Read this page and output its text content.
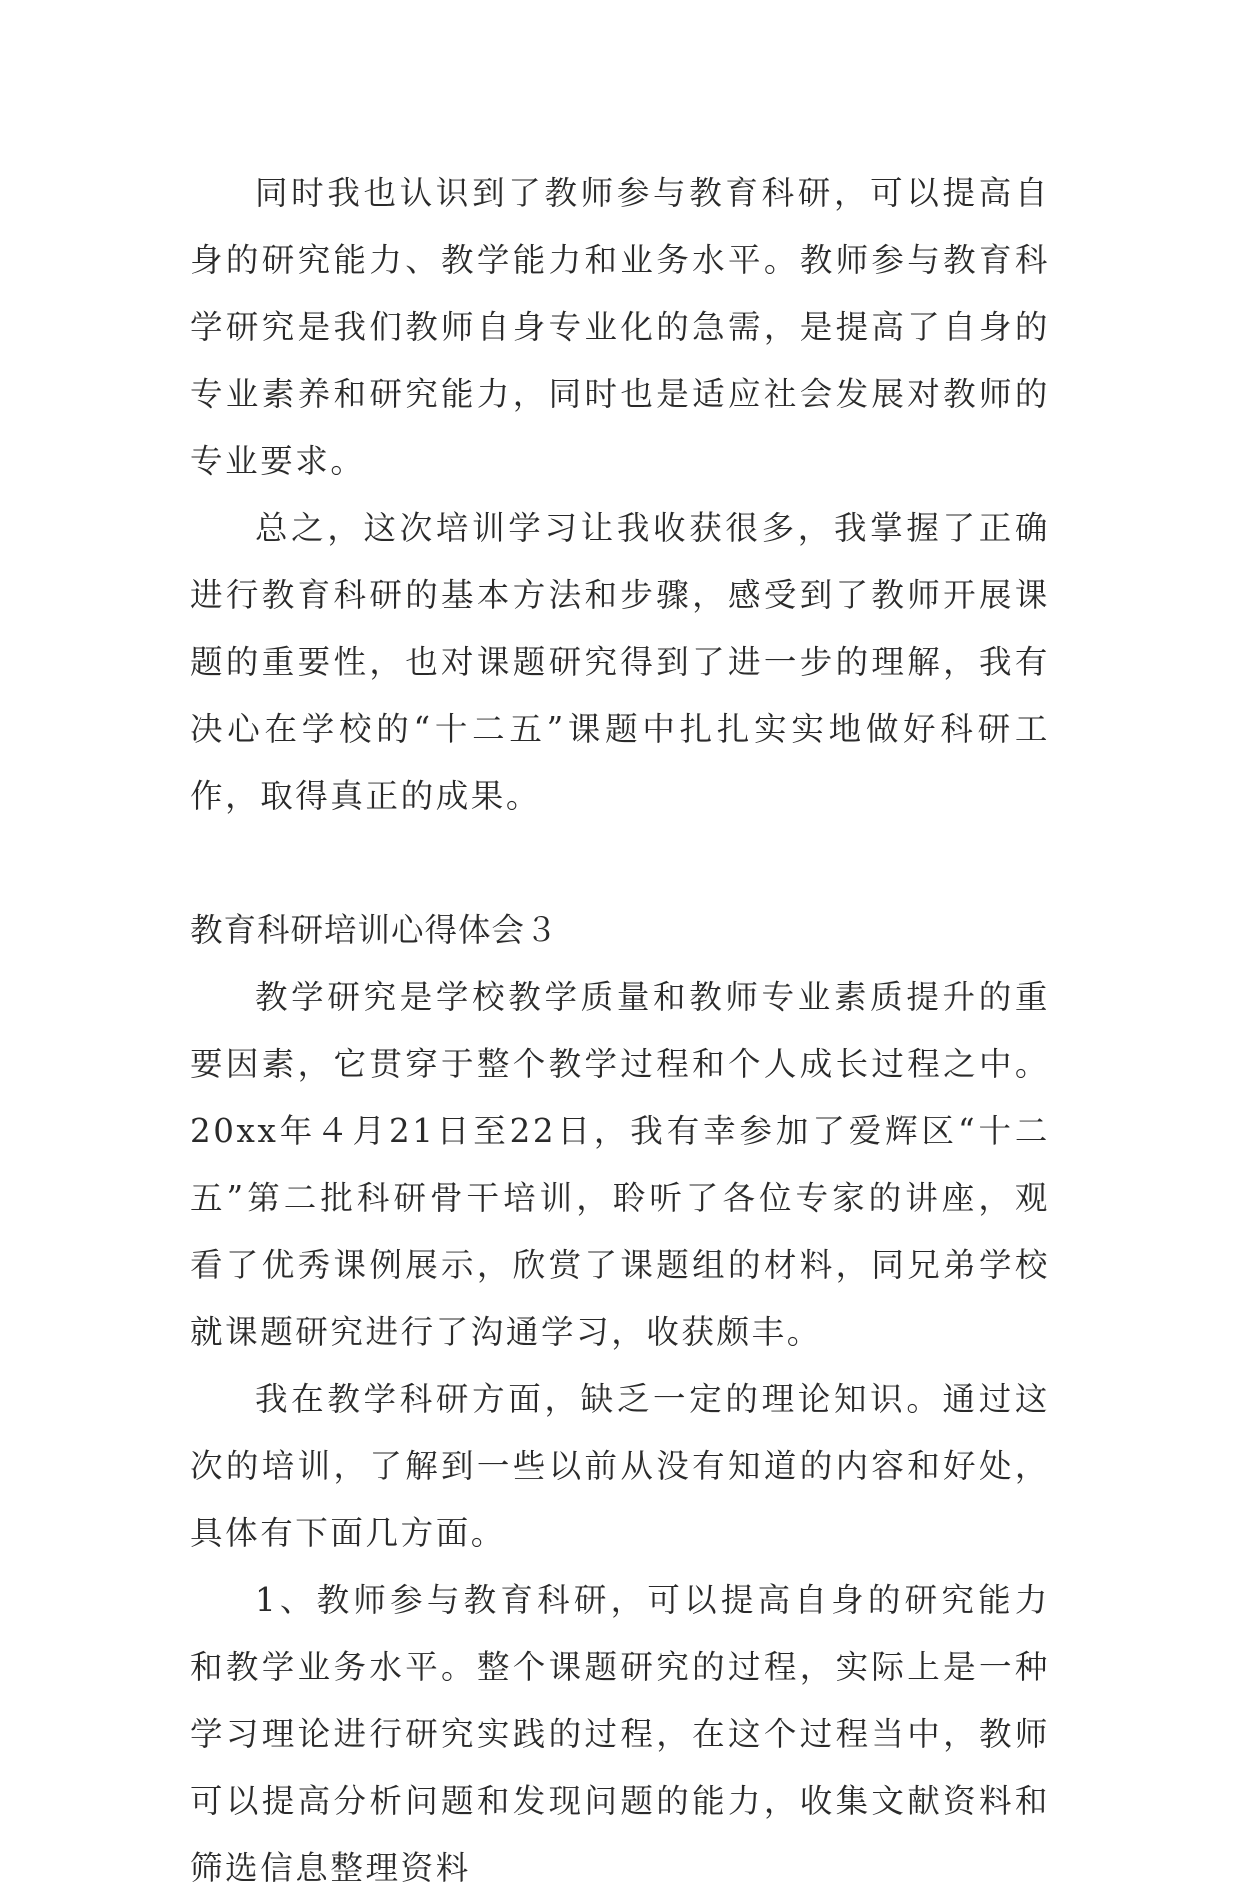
同时我也认识到了教师参与教育科研，可以提高自身的研究能力、教学能力和业务水平。教师参与教育科学研究是我们教师自身专业化的急需，是提高了自身的专业素养和研究能力，同时也是适应社会发展对教师的专业要求。

总之，这次培训学习让我收获很多，我掌握了正确进行教育科研的基本方法和步骤，感受到了教师开展课题的重要性，也对课题研究得到了进一步的理解，我有决心在学校的“十二五”课题中扎扎实实地做好科研工作，取得真正的成果。

教育科研培训心得体会３

教学研究是学校教学质量和教师专业素质提升的重要因素，它贯穿于整个教学过程和个人成长过程之中。20xx年４月21日至22日，我有幸参加了爱辉区“十二五”第二批科研骨干培训，聆听了各位专家的讲座，观看了优秀课例展示，欣赏了课题组的材料，同兄弟学校就课题研究进行了沟通学习，收获颇丰。

我在教学科研方面，缺乏一定的理论知识。通过这次的培训，了解到一些以前从没有知道的内容和好处，具体有下面几方面。

1、教师参与教育科研，可以提高自身的研究能力和教学业务水平。整个课题研究的过程，实际上是一种学习理论进行研究实践的过程，在这个过程当中，教师可以提高分析问题和发现问题的能力，收集文献资料和筛选信息整理资料
